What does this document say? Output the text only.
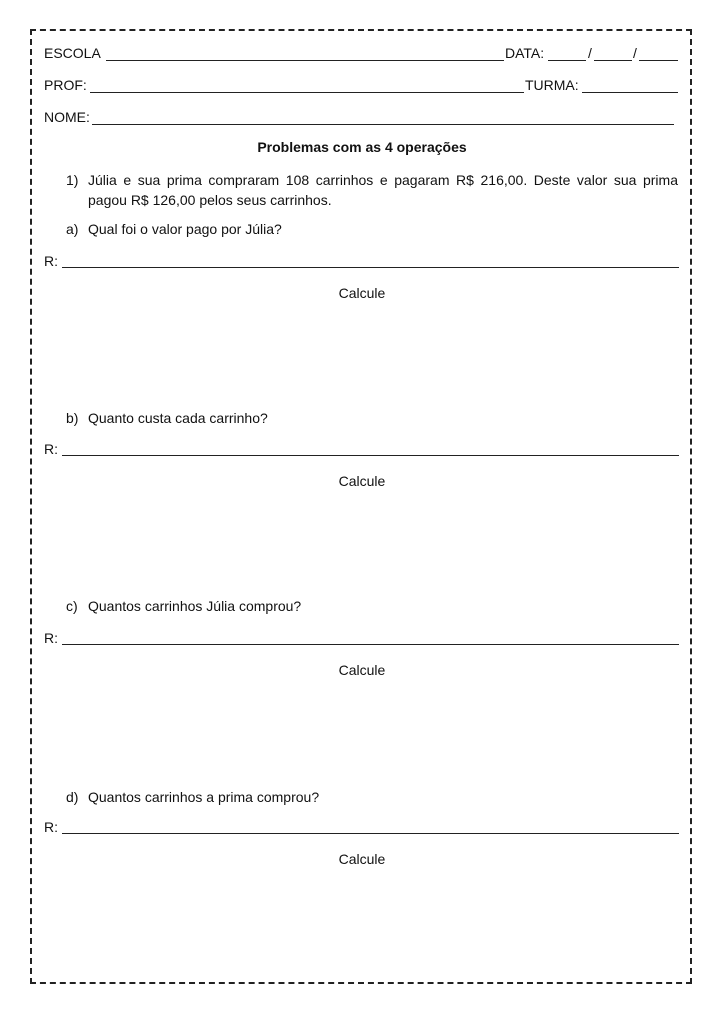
ESCOLA	DATA:	/	/
PROF:	TURMA:
NOME:
Problemas com as 4 operações
1) Júlia e sua prima compraram 108 carrinhos e pagaram R$ 216,00. Deste valor sua prima pagou R$ 126,00 pelos seus carrinhos.
a) Qual foi o valor pago por Júlia?
R:
Calcule
b) Quanto custa cada carrinho?
R:
Calcule
c) Quantos carrinhos Júlia comprou?
R:
Calcule
d) Quantos carrinhos a prima comprou?
R:
Calcule
